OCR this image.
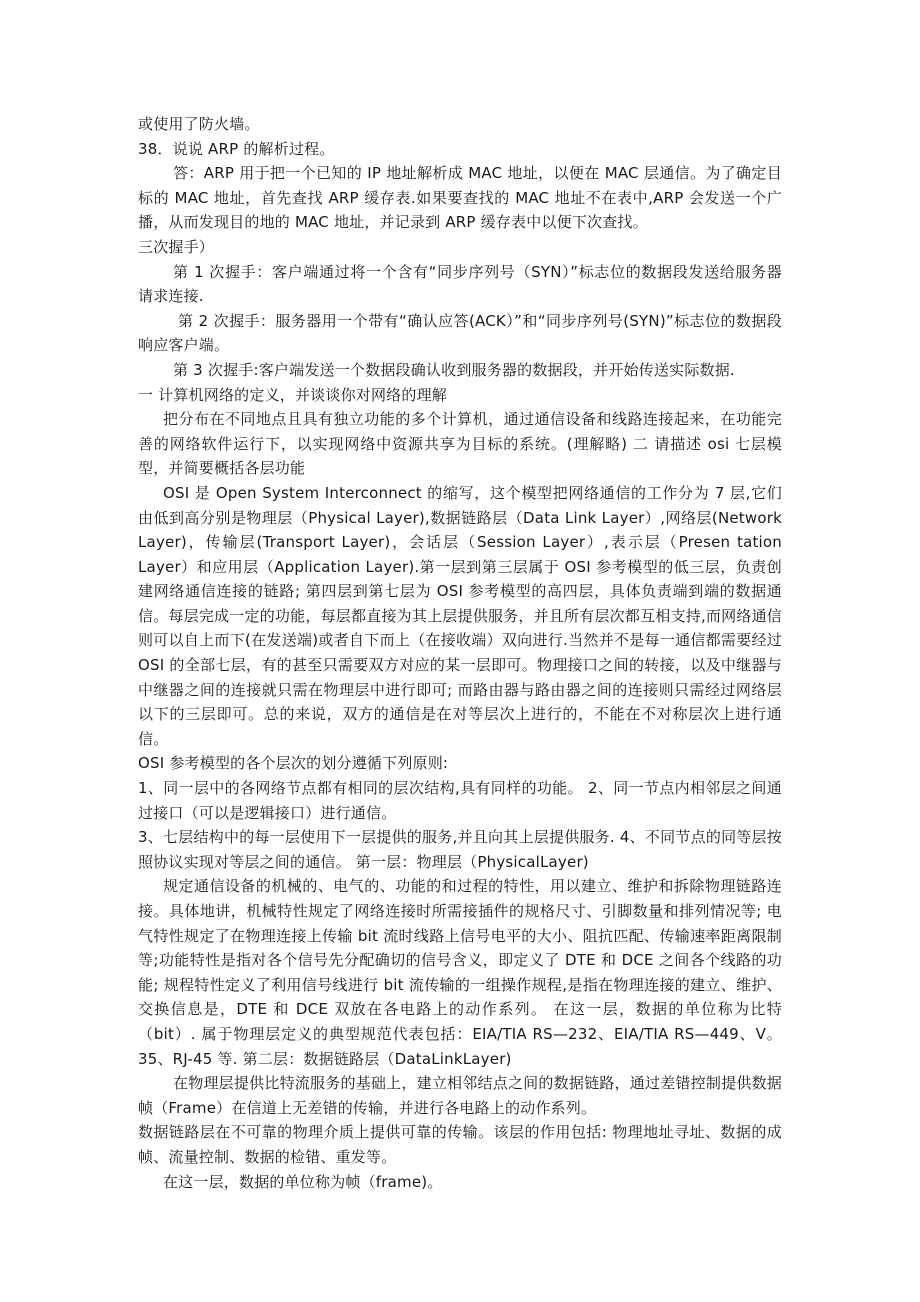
或使用了防火墙。

38．说说 ARP 的解析过程。

答：ARP 用于把一个已知的 IP 地址解析成 MAC 地址，以便在 MAC 层通信。为了确定目标的 MAC 地址，首先查找 ARP 缓存表.如果要查找的 MAC 地址不在表中,ARP 会发送一个广播，从而发现目的地的 MAC 地址，并记录到 ARP 缓存表中以便下次查找。

三次握手）

第 1 次握手：客户端通过将一个含有“同步序列号（SYN）”标志位的数据段发送给服务器 请求连接.

第 2 次握手：服务器用一个带有“确认应答(ACK）”和“同步序列号(SYN)”标志位的数据段响应客户端。

第 3 次握手:客户端发送一个数据段确认收到服务器的数据段，并开始传送实际数据.

一 计算机网络的定义，并谈谈你对网络的理解

把分布在不同地点且具有独立功能的多个计算机，通过通信设备和线路连接起来，在功能完善的网络软件运行下，以实现网络中资源共享为目标的系统。(理解略) 二 请描述 osi 七层模型，并简要概括各层功能

OSI 是 Open System Interconnect 的缩写，这个模型把网络通信的工作分为 7 层,它们由低到高分别是物理层（Physical Layer),数据链路层（Data Link Layer）,网络层(Network Layer)，传输层(Transport Layer)，会话层（Session Layer）,表示层（Presen tation Layer）和应用层（Application Layer).第一层到第三层属于 OSI 参考模型的低三层，负责创建网络通信连接的链路; 第四层到第七层为 OSI 参考模型的高四层，具体负责端到端的数据通信。每层完成一定的功能，每层都直接为其上层提供服务，并且所有层次都互相支持,而网络通信则可以自上而下(在发送端)或者自下而上（在接收端）双向进行.当然并不是每一通信都需要经过 OSI 的全部七层，有的甚至只需要双方对应的某一层即可。物理接口之间的转接，以及中继器与中继器之间的连接就只需在物理层中进行即可; 而路由器与路由器之间的连接则只需经过网络层以下的三层即可。总的来说，双方的通信是在对等层次上进行的，不能在不对称层次上进行通信。

OSI 参考模型的各个层次的划分遵循下列原则:

1、同一层中的各网络节点都有相同的层次结构,具有同样的功能。 2、同一节点内相邻层之间通过接口（可以是逻辑接口）进行通信。

3、七层结构中的每一层使用下一层提供的服务,并且向其上层提供服务. 4、不同节点的同等层按照协议实现对等层之间的通信。 第一层：物理层（PhysicalLayer)

规定通信设备的机械的、电气的、功能的和过程的特性，用以建立、维护和拆除物理链路连接。具体地讲，机械特性规定了网络连接时所需接插件的规格尺寸、引脚数量和排列情况等; 电气特性规定了在物理连接上传输 bit 流时线路上信号电平的大小、阻抗匹配、传输速率距离限制等;功能特性是指对各个信号先分配确切的信号含义，即定义了 DTE 和 DCE 之间各个线路的功能; 规程特性定义了利用信号线进行 bit 流传输的一组操作规程,是指在物理连接的建立、维护、交换信息是，DTE 和 DCE 双放在各电路上的动作系列。 在这一层，数据的单位称为比特（bit）. 属于物理层定义的典型规范代表包括：EIA/TIA RS—232、EIA/TIA RS—449、V。35、RJ-45 等. 第二层：数据链路层（DataLinkLayer)

在物理层提供比特流服务的基础上，建立相邻结点之间的数据链路，通过差错控制提供数据帧（Frame）在信道上无差错的传输，并进行各电路上的动作系列。

数据链路层在不可靠的物理介质上提供可靠的传输。该层的作用包括: 物理地址寻址、数据的成帧、流量控制、数据的检错、重发等。

在这一层，数据的单位称为帧（frame)。
